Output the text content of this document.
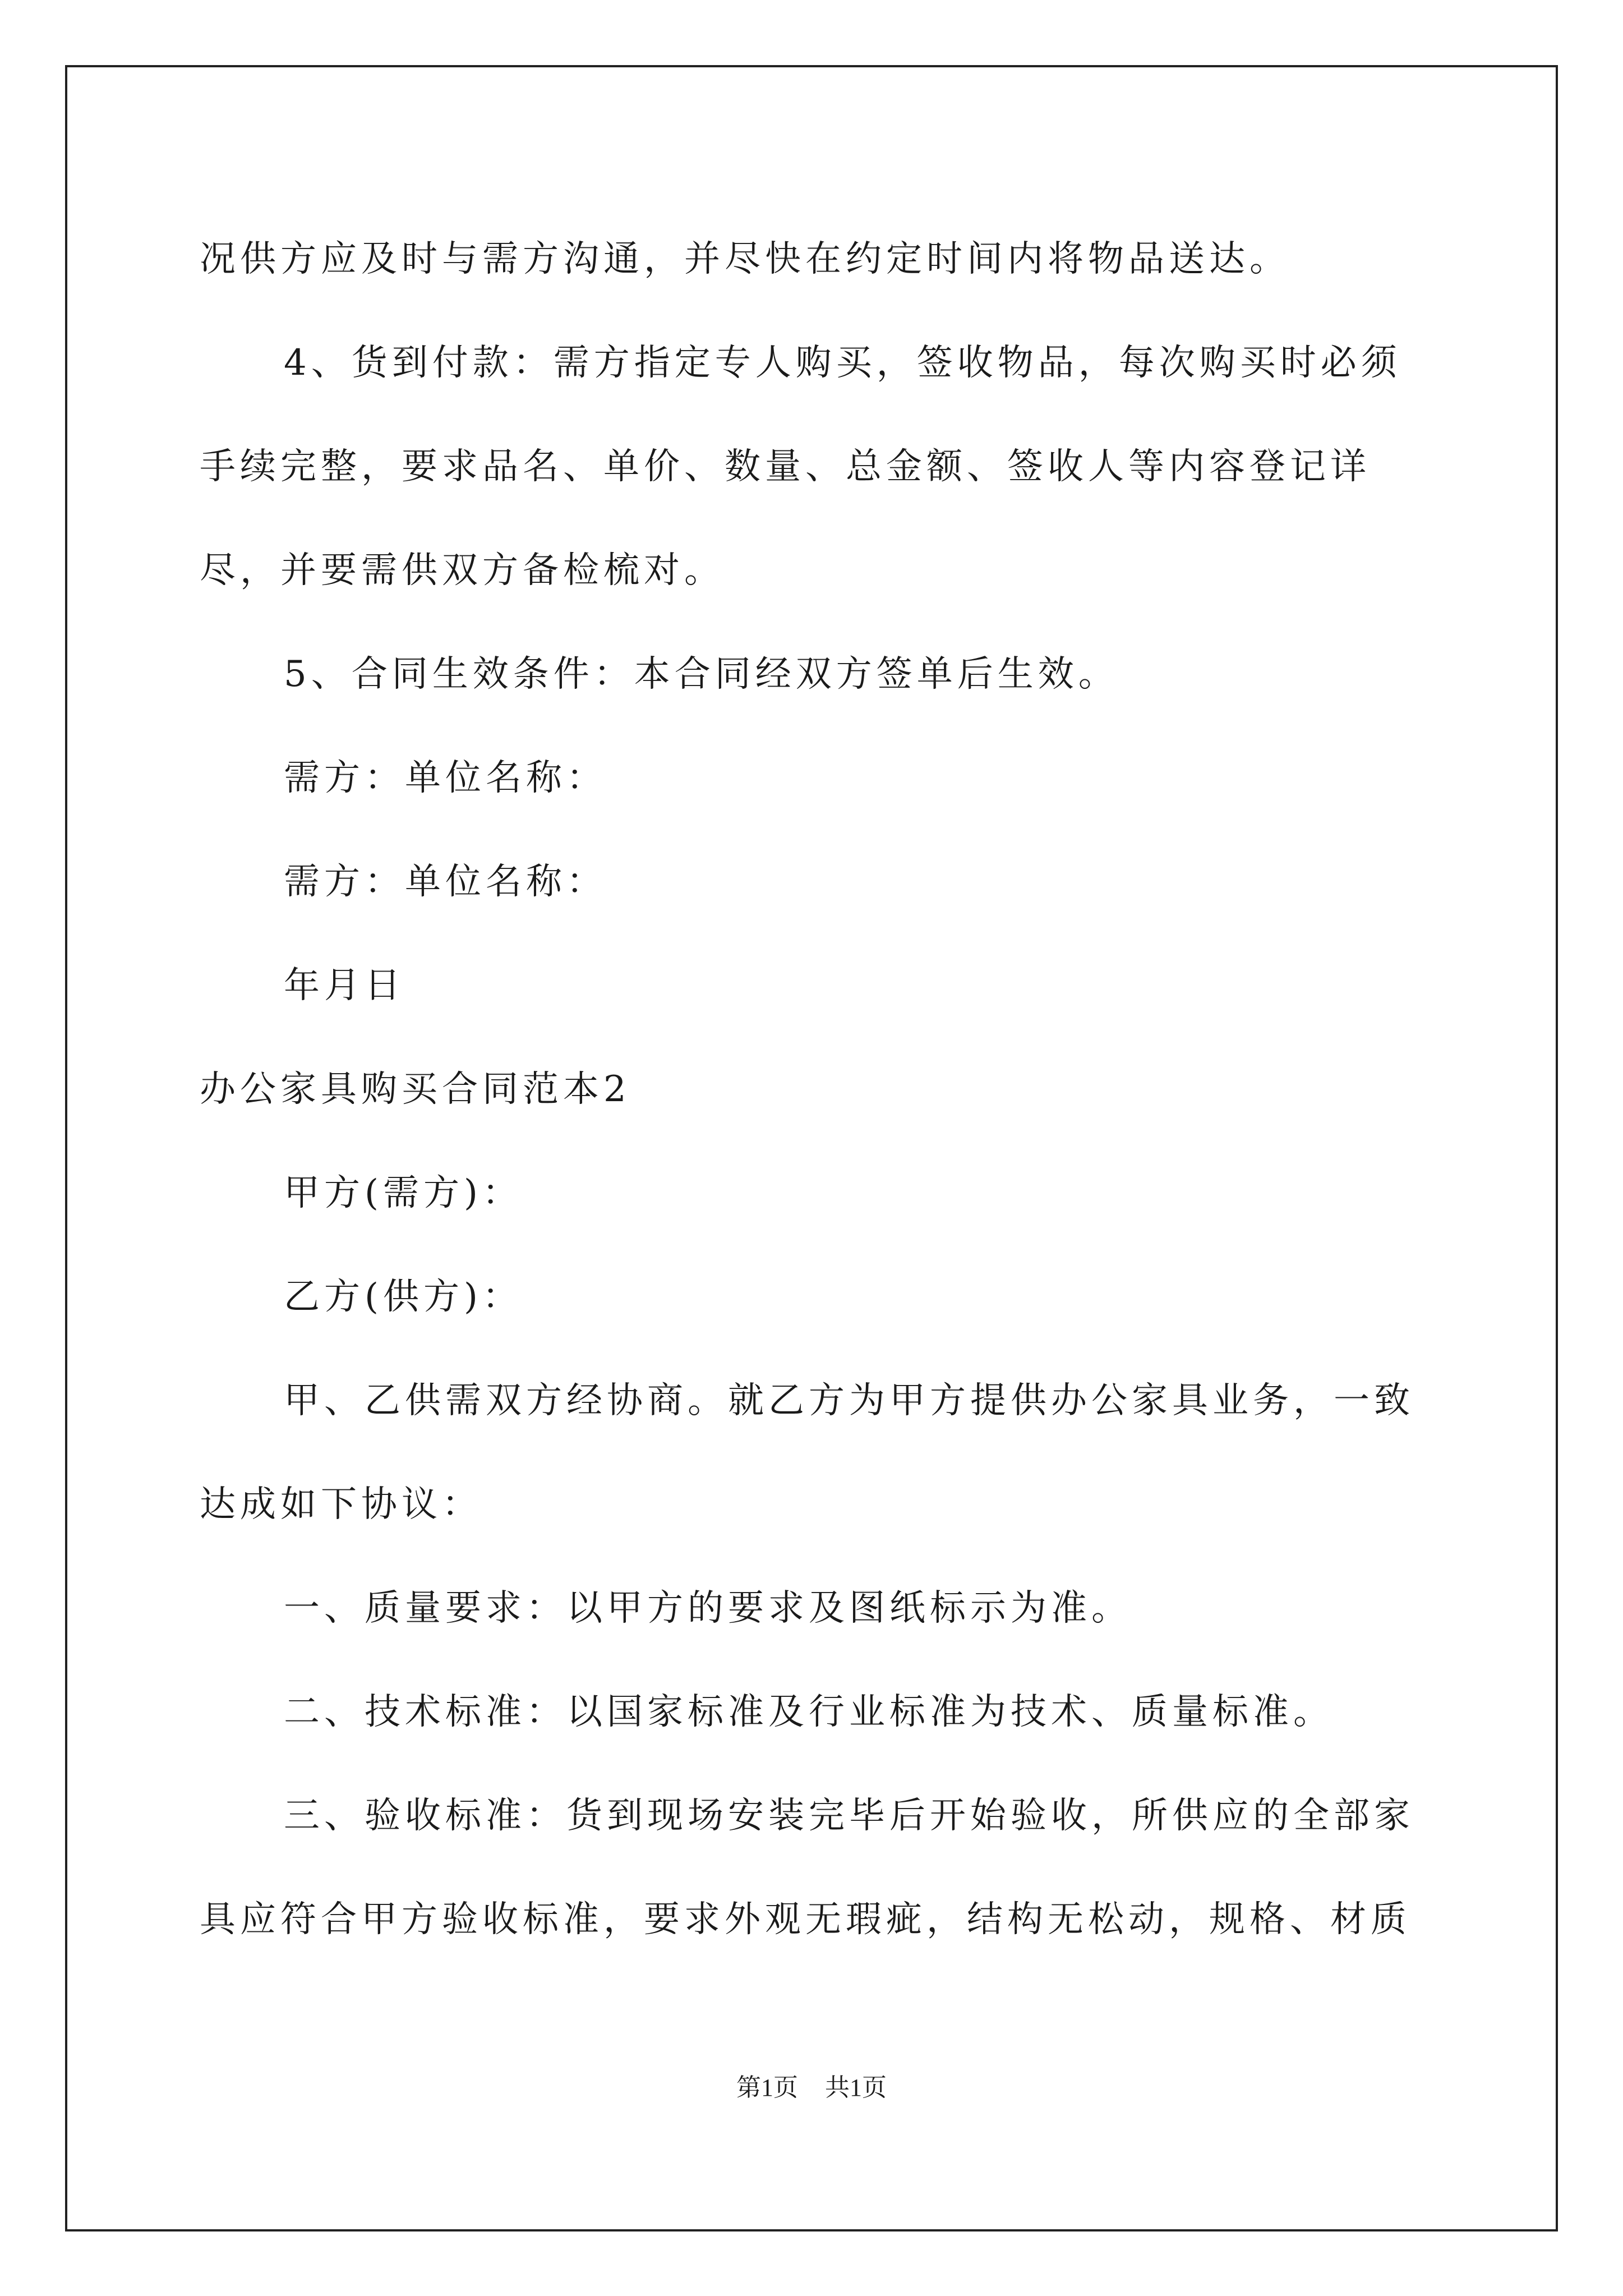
况供方应及时与需方沟通，并尽快在约定时间内将物品送达。

4、货到付款：需方指定专人购买，签收物品，每次购买时必须手续完整，要求品名、单价、数量、总金额、签收人等内容登记详尽，并要需供双方备检梳对。

5、合同生效条件：本合同经双方签单后生效。

需方：单位名称：

需方：单位名称：

年月日

办公家具购买合同范本2

甲方(需方)：

乙方(供方)：

甲、乙供需双方经协商。就乙方为甲方提供办公家具业务，一致达成如下协议：

一、质量要求：以甲方的要求及图纸标示为准。

二、技术标准：以国家标准及行业标准为技术、质量标准。

三、验收标准：货到现场安装完毕后开始验收，所供应的全部家具应符合甲方验收标准，要求外观无瑕疵，结构无松动，规格、材质

第1页 共1页
